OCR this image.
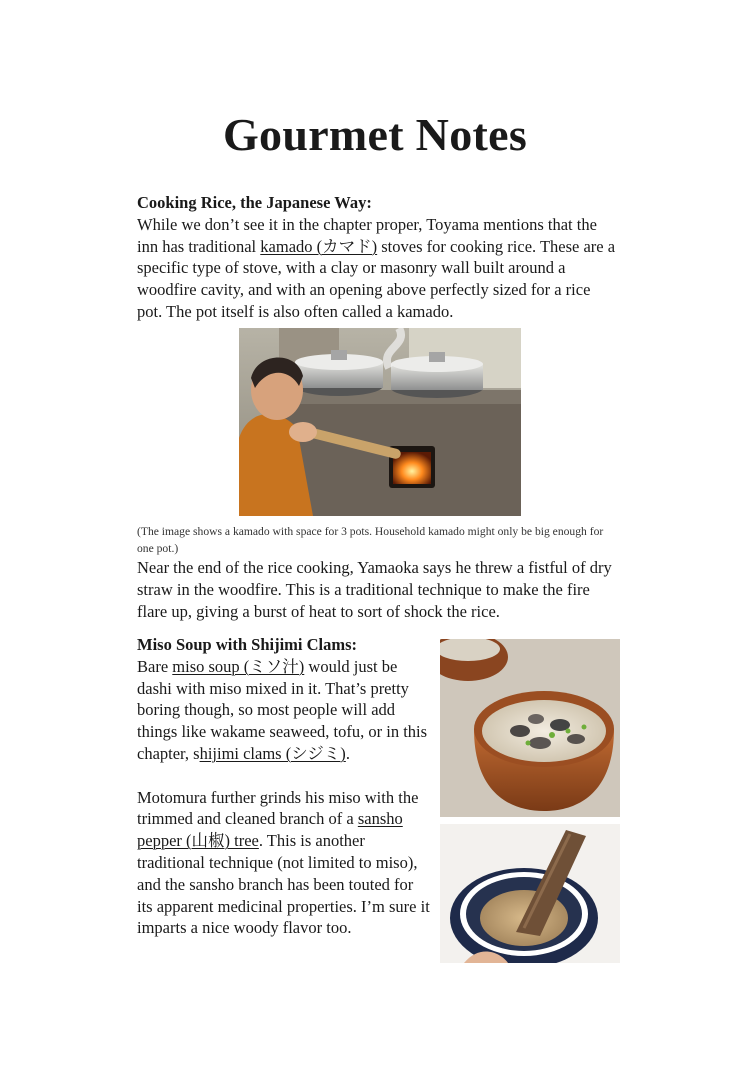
Gourmet Notes
Cooking Rice, the Japanese Way:
While we don’t see it in the chapter proper, Toyama mentions that the inn has traditional kamado (カマド) stoves for cooking rice. These are a specific type of stove, with a clay or masonry wall built around a woodfire cavity, and with an opening above perfectly sized for a rice pot. The pot itself is also often called a kamado.
(The image shows a kamado with space for 3 pots. Household kamado might only be big enough for one pot.)
Near the end of the rice cooking, Yamaoka says he threw a fistful of dry straw in the woodfire. This is a traditional technique to make the fire flare up, giving a burst of heat to sort of shock the rice.
Miso Soup with Shijimi Clams:
Bare miso soup (ミソ汁) would just be dashi with miso mixed in it. That’s pretty boring though, so most people will add things like wakame seaweed, tofu, or in this chapter, shijimi clams (シジミ).
Motomura further grinds his miso with the trimmed and cleaned branch of a sansho pepper (山椒) tree. This is another traditional technique (not limited to miso), and the sansho branch has been touted for its apparent medicinal properties. I’m sure it imparts a nice woody flavor too.
